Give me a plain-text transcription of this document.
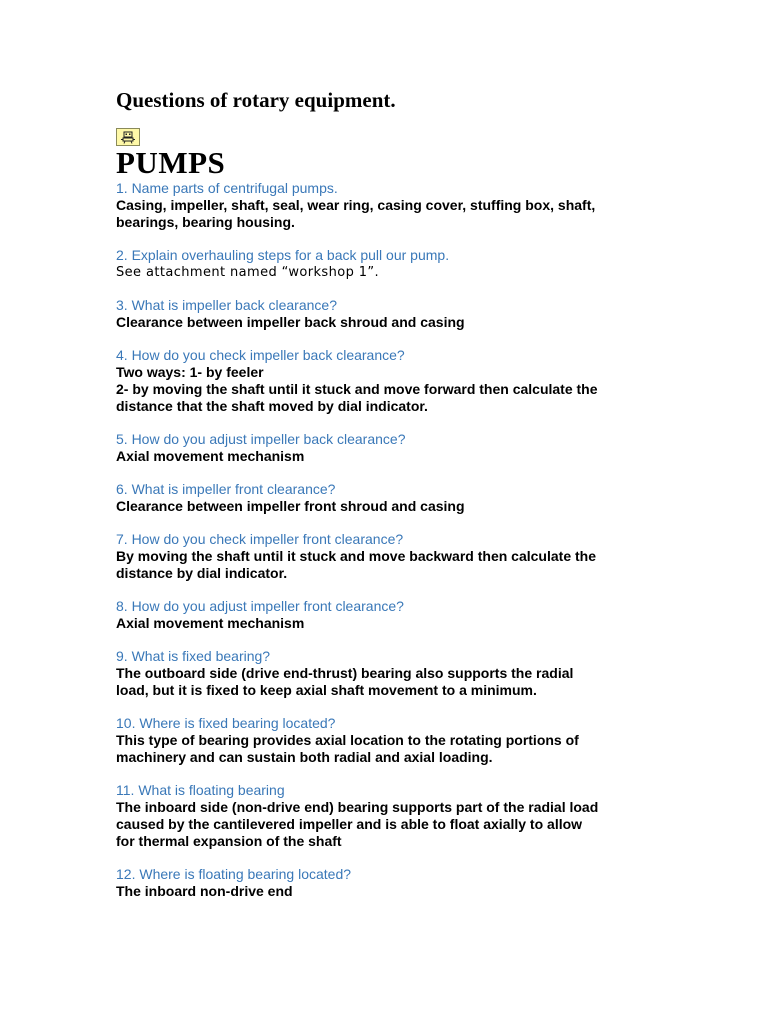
Questions of rotary equipment.
PUMPS

1. Name parts of centrifugal pumps.

Casing, impeller, shaft, seal, wear ring, casing cover, stuffing box, shaft,
bearings, bearing housing.

2. Explain overhauling steps for a back pull our pump.

See attachment named “workshop 1”.

3. What is impeller back clearance?

Clearance between impeller back shroud and casing

4. How do you check impeller back clearance?

Two ways: 1- by feeler
2- by moving the shaft until it stuck and move forward then calculate the
distance that the shaft moved by dial indicator.

5. How do you adjust impeller back clearance?

Axial movement mechanism

6. What is impeller front clearance?

Clearance between impeller front shroud and casing

7. How do you check impeller front clearance?

By moving the shaft until it stuck and move backward then calculate the
distance by dial indicator.

8. How do you adjust impeller front clearance?

Axial movement mechanism

9. What is fixed bearing?

The outboard side (drive end-thrust) bearing also supports the radial
load, but it is fixed to keep axial shaft movement to a minimum.

10. Where is fixed bearing located?

This type of bearing provides axial location to the rotating portions of
machinery and can sustain both radial and axial loading.

11. What is floating bearing

The inboard side (non-drive end) bearing supports part of the radial load
caused by the cantilevered impeller and is able to float axially to allow
for thermal expansion of the shaft

12. Where is floating bearing located?

The inboard non-drive end
